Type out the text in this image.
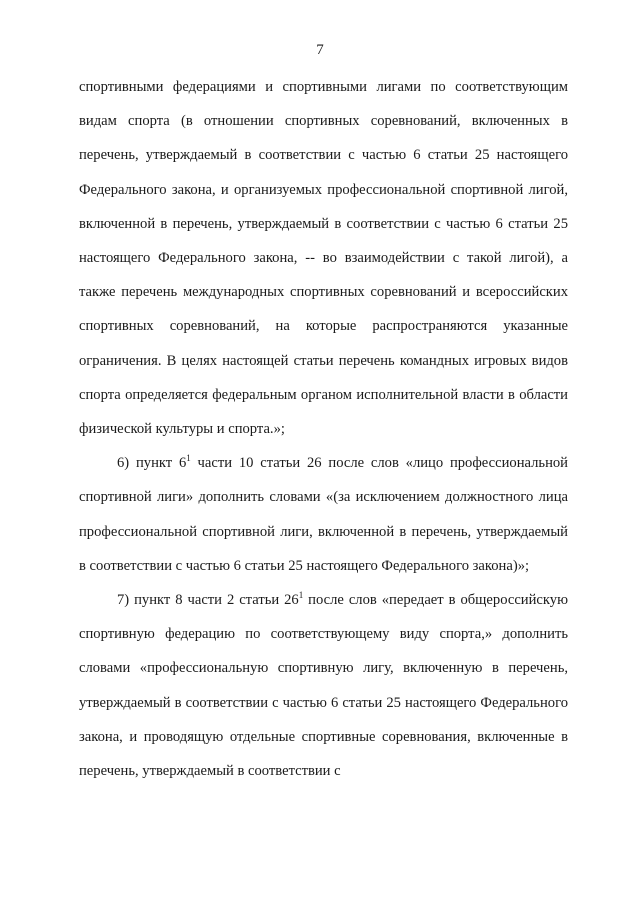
7

спортивными федерациями и спортивными лигами по соответствующим видам спорта (в отношении спортивных соревнований, включенных в перечень, утверждаемый в соответствии с частью 6 статьи 25 настоящего Федерального закона, и организуемых профессиональной спортивной лигой, включенной в перечень, утверждаемый в соответствии с частью 6 статьи 25 настоящего Федерального закона, -- во взаимодействии с такой лигой), а также перечень международных спортивных соревнований и всероссийских спортивных соревнований, на которые распространяются указанные ограничения. В целях настоящей статьи перечень командных игровых видов спорта определяется федеральным органом исполнительной власти в области физической культуры и спорта.»;

6) пункт $6^1$ части 10 статьи 26 после слов «лицо профессиональной спортивной лиги» дополнить словами «(за исключением должностного лица профессиональной спортивной лиги, включенной в перечень, утверждаемый в соответствии с частью 6 статьи 25 настоящего Федерального закона)»;

7) пункт 8 части 2 статьи $26^1$ после слов «передает в общероссийскую спортивную федерацию по соответствующему виду спорта,» дополнить словами «профессиональную спортивную лигу, включенную в перечень, утверждаемый в соответствии с частью 6 статьи 25 настоящего Федерального закона, и проводящую отдельные спортивные соревнования, включенные в перечень, утверждаемый в соответствии с
